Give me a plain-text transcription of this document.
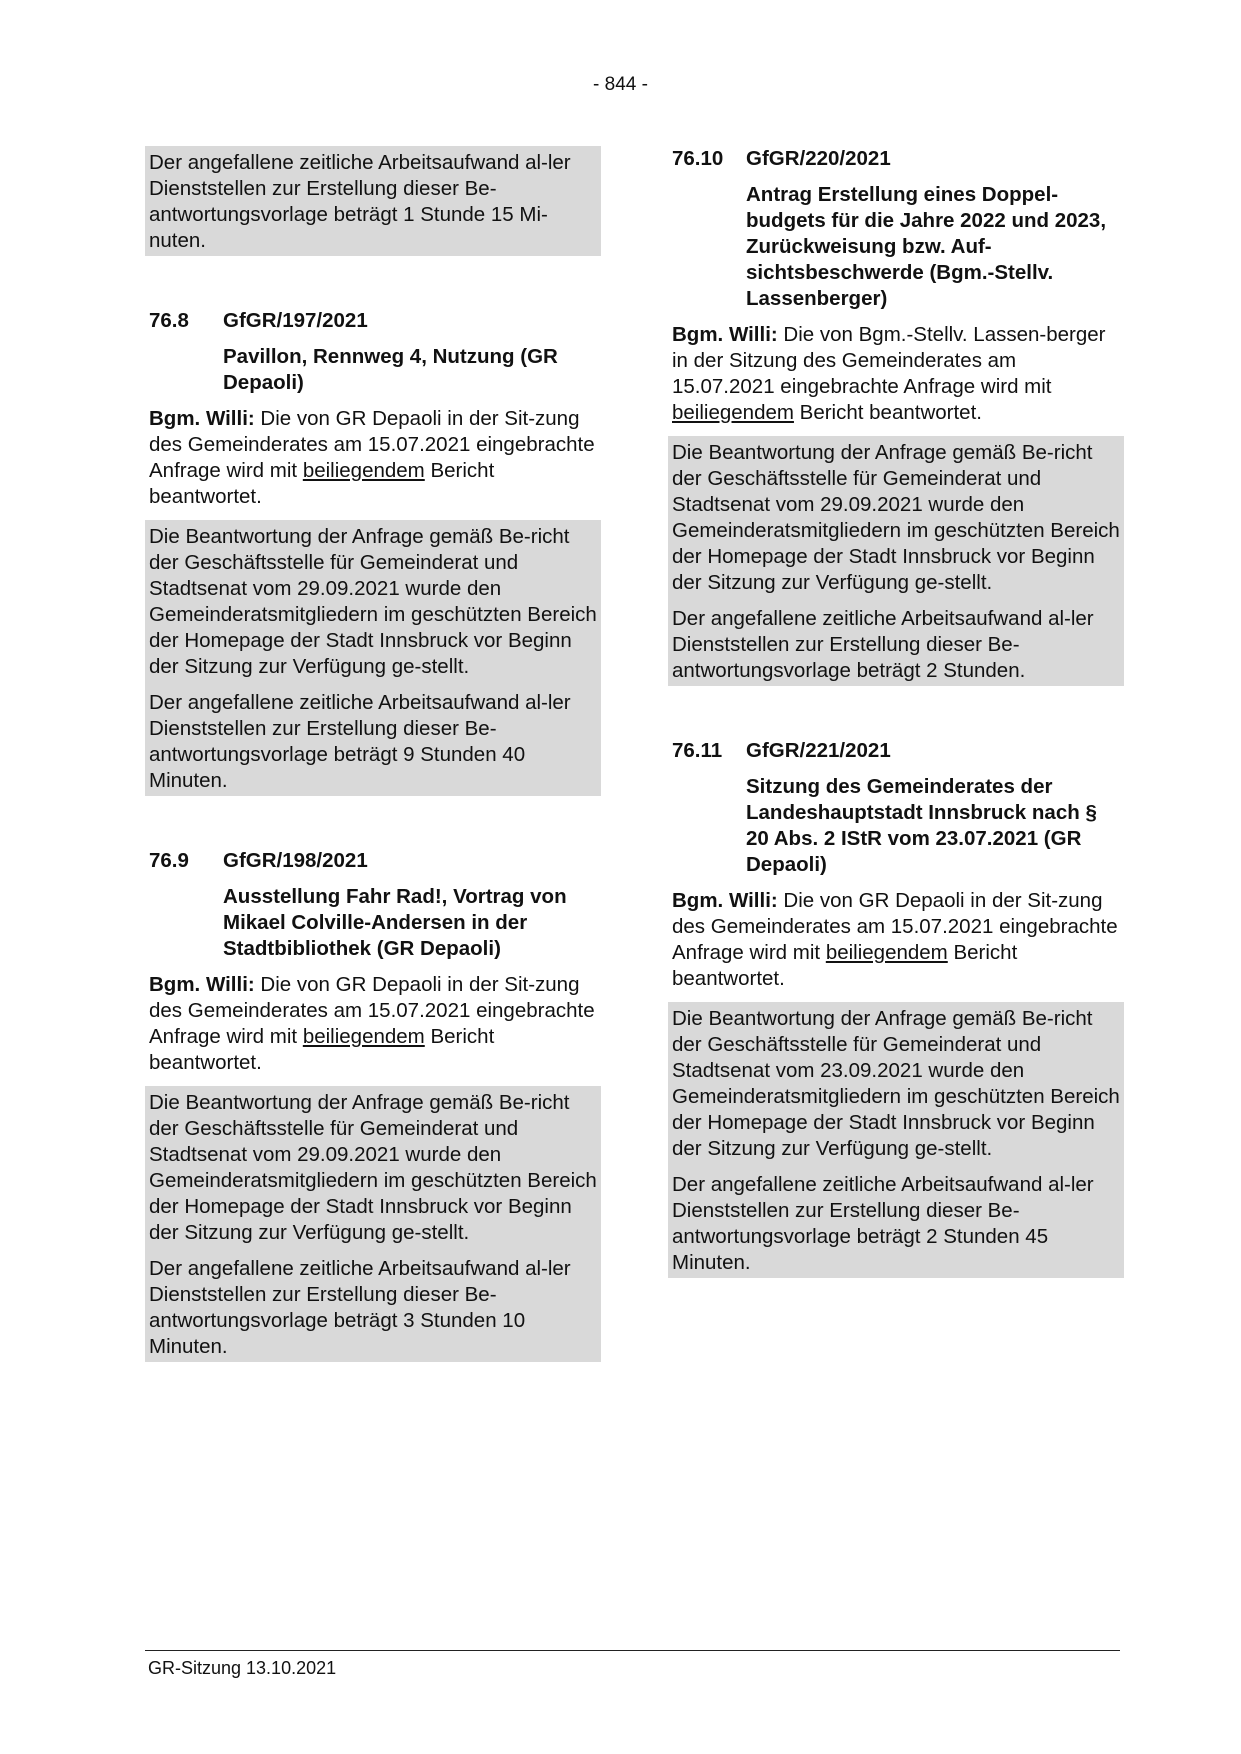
- 844 -

Der angefallene zeitliche Arbeitsaufwand al-ler Dienststellen zur Erstellung dieser Be-antwortungsvorlage beträgt 1 Stunde 15 Mi-nuten.

76.8	GfGR/197/2021
Pavillon, Rennweg 4, Nutzung (GR Depaoli)

Bgm. Willi: Die von GR Depaoli in der Sit-zung des Gemeinderates am 15.07.2021 eingebrachte Anfrage wird mit beiliegendem Bericht beantwortet.

Die Beantwortung der Anfrage gemäß Be-richt der Geschäftsstelle für Gemeinderat und Stadtsenat vom 29.09.2021 wurde den Gemeinderatsmitgliedern im geschützten Bereich der Homepage der Stadt Innsbruck vor Beginn der Sitzung zur Verfügung ge-stellt.

Der angefallene zeitliche Arbeitsaufwand al-ler Dienststellen zur Erstellung dieser Be-antwortungsvorlage beträgt 9 Stunden 40 Minuten.

76.9	GfGR/198/2021
Ausstellung Fahr Rad!, Vortrag von Mikael Colville-Andersen in der Stadtbibliothek (GR Depaoli)

Bgm. Willi: Die von GR Depaoli in der Sit-zung des Gemeinderates am 15.07.2021 eingebrachte Anfrage wird mit beiliegendem Bericht beantwortet.

Die Beantwortung der Anfrage gemäß Be-richt der Geschäftsstelle für Gemeinderat und Stadtsenat vom 29.09.2021 wurde den Gemeinderatsmitgliedern im geschützten Bereich der Homepage der Stadt Innsbruck vor Beginn der Sitzung zur Verfügung ge-stellt.

Der angefallene zeitliche Arbeitsaufwand al-ler Dienststellen zur Erstellung dieser Be-antwortungsvorlage beträgt 3 Stunden 10 Minuten.

76.10	GfGR/220/2021
Antrag Erstellung eines Doppel-budgets für die Jahre 2022 und 2023, Zurückweisung bzw. Auf-sichtsbeschwerde (Bgm.-Stellv. Lassenberger)

Bgm. Willi: Die von Bgm.-Stellv. Lassen-berger in der Sitzung des Gemeinderates am 15.07.2021 eingebrachte Anfrage wird mit beiliegendem Bericht beantwortet.

Die Beantwortung der Anfrage gemäß Be-richt der Geschäftsstelle für Gemeinderat und Stadtsenat vom 29.09.2021 wurde den Gemeinderatsmitgliedern im geschützten Bereich der Homepage der Stadt Innsbruck vor Beginn der Sitzung zur Verfügung ge-stellt.

Der angefallene zeitliche Arbeitsaufwand al-ler Dienststellen zur Erstellung dieser Be-antwortungsvorlage beträgt 2 Stunden.

76.11	GfGR/221/2021
Sitzung des Gemeinderates der Landeshauptstadt Innsbruck nach § 20 Abs. 2 IStR vom 23.07.2021 (GR Depaoli)

Bgm. Willi: Die von GR Depaoli in der Sit-zung des Gemeinderates am 15.07.2021 eingebrachte Anfrage wird mit beiliegendem Bericht beantwortet.

Die Beantwortung der Anfrage gemäß Be-richt der Geschäftsstelle für Gemeinderat und Stadtsenat vom 23.09.2021 wurde den Gemeinderatsmitgliedern im geschützten Bereich der Homepage der Stadt Innsbruck vor Beginn der Sitzung zur Verfügung ge-stellt.

Der angefallene zeitliche Arbeitsaufwand al-ler Dienststellen zur Erstellung dieser Be-antwortungsvorlage beträgt 2 Stunden 45 Minuten.

GR-Sitzung 13.10.2021
